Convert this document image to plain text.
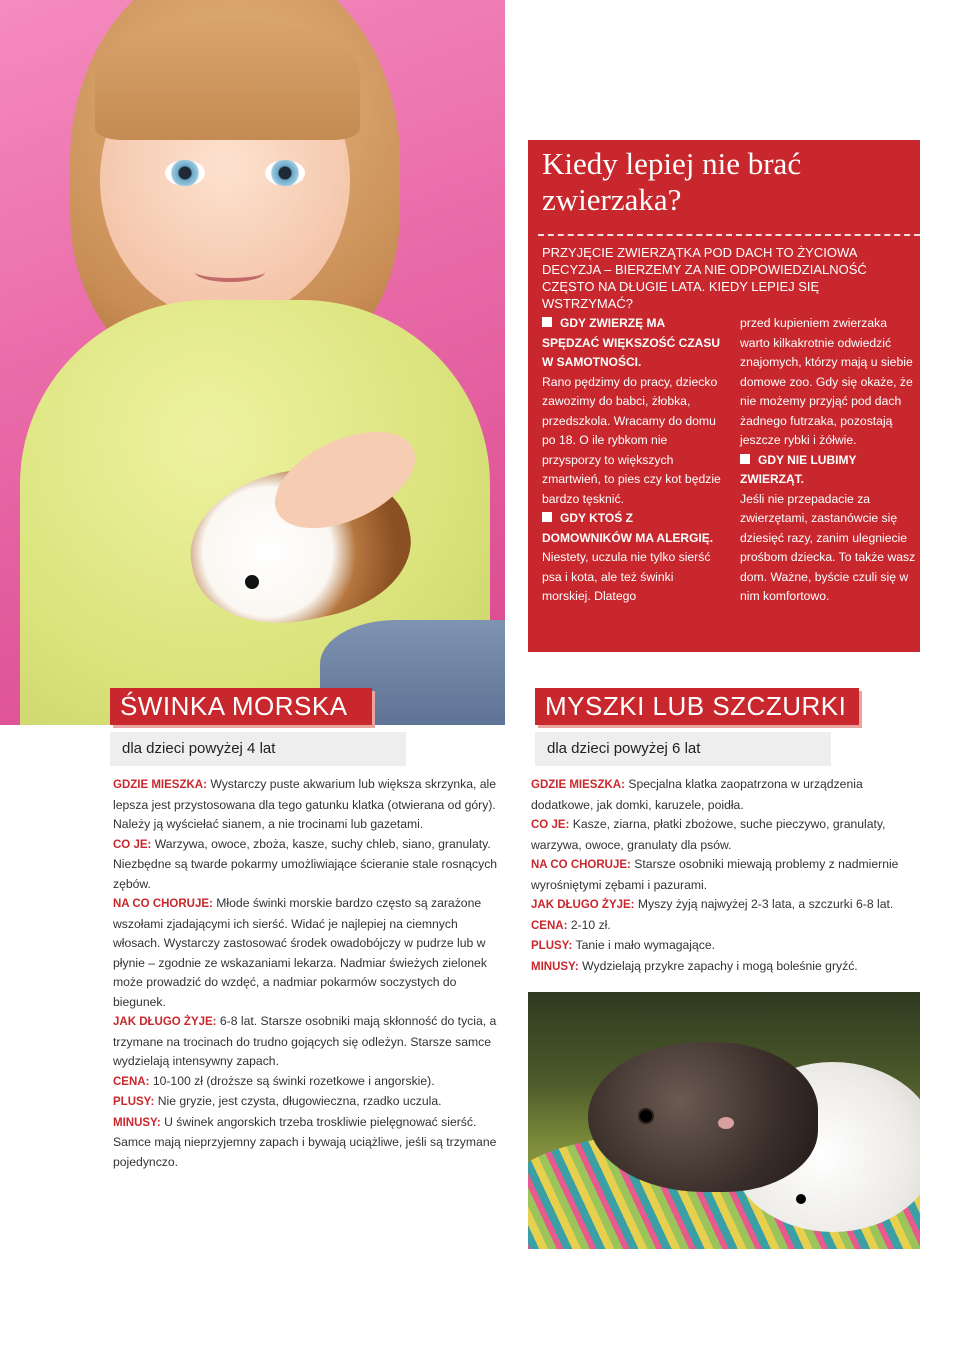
Kiedy lepiej nie brać zwierzaka?
PRZYJĘCIE ZWIERZĄTKA POD DACH TO ŻYCIOWA DECYZJA – BIERZEMY ZA NIE ODPOWIEDZIALNOŚĆ CZĘSTO NA DŁUGIE LATA. KIEDY LEPIEJ SIĘ WSTRZYMAĆ?

GDY ZWIERZĘ MA SPĘDZAĆ WIĘKSZOŚĆ CZASU W SAMOTNOŚCI.

Rano pędzimy do pracy, dziecko zawozimy do babci, żłobka, przedszkola. Wracamy do domu po 18. O ile rybkom nie przysporzy to większych zmartwień, to pies czy kot będzie bardzo tęsknić.

GDY KTOŚ Z DOMOWNIKÓW MA ALERGIĘ.

Niestety, uczula nie tylko sierść psa i kota, ale też świnki morskiej. Dlatego

przed kupieniem zwierzaka warto kilkakrotnie odwiedzić znajomych, którzy mają u siebie domowe zoo. Gdy się okaże, że nie możemy przyjąć pod dach żadnego futrzaka, pozostają jeszcze rybki i żółwie.

GDY NIE LUBIMY ZWIERZĄT.

Jeśli nie przepadacie za zwierzętami, zastanówcie się dziesięć razy, zanim ulegniecie prośbom dziecka. To także wasz dom. Ważne, byście czuli się w nim komfortowo.

ŚWINKA MORSKA
dla dzieci powyżej 4 lat
MYSZKI LUB SZCZURKI
dla dzieci powyżej 6 lat

GDZIE MIESZKA: Wystarczy puste akwarium lub większa skrzynka, ale lepsza jest przystosowana dla tego gatunku klatka (otwierana od góry). Należy ją wyściełać sianem, a nie trocinami lub gazetami.

CO JE: Warzywa, owoce, zboża, kasze, suchy chleb, siano, granulaty. Niezbędne są twarde pokarmy umożliwiające ścieranie stale rosnących zębów.

NA CO CHORUJE: Młode świnki morskie bardzo często są zarażone wszołami zjadającymi ich sierść. Widać je najlepiej na ciemnych włosach. Wystarczy zastosować środek owadobójczy w pudrze lub w płynie – zgodnie ze wskazaniami lekarza. Nadmiar świeżych zielonek może prowadzić do wzdęć, a nadmiar pokarmów soczystych do biegunek.

JAK DŁUGO ŻYJE: 6-8 lat. Starsze osobniki mają skłonność do tycia, a trzymane na trocinach do trudno gojących się odleżyn. Starsze samce wydzielają intensywny zapach.

CENA: 10-100 zł (droższe są świnki rozetkowe i angorskie).

PLUSY: Nie gryzie, jest czysta, długowieczna, rzadko uczula.

MINUSY: U świnek angorskich trzeba troskliwie pielęgnować sierść. Samce mają nieprzyjemny zapach i bywają uciążliwe, jeśli są trzymane pojedynczo.

GDZIE MIESZKA: Specjalna klatka zaopatrzona w urządzenia dodatkowe, jak domki, karuzele, poidła.

CO JE: Kasze, ziarna, płatki zbożowe, suche pieczywo, granulaty, warzywa, owoce, granulaty dla psów.

NA CO CHORUJE: Starsze osobniki miewają problemy z nadmiernie wyrośniętymi zębami i pazurami.

JAK DŁUGO ŻYJE: Myszy żyją najwyżej 2-3 lata, a szczurki 6-8 lat.

CENA: 2-10 zł.

PLUSY: Tanie i mało wymagające.

MINUSY: Wydzielają przykre zapachy i mogą boleśnie gryźć.
